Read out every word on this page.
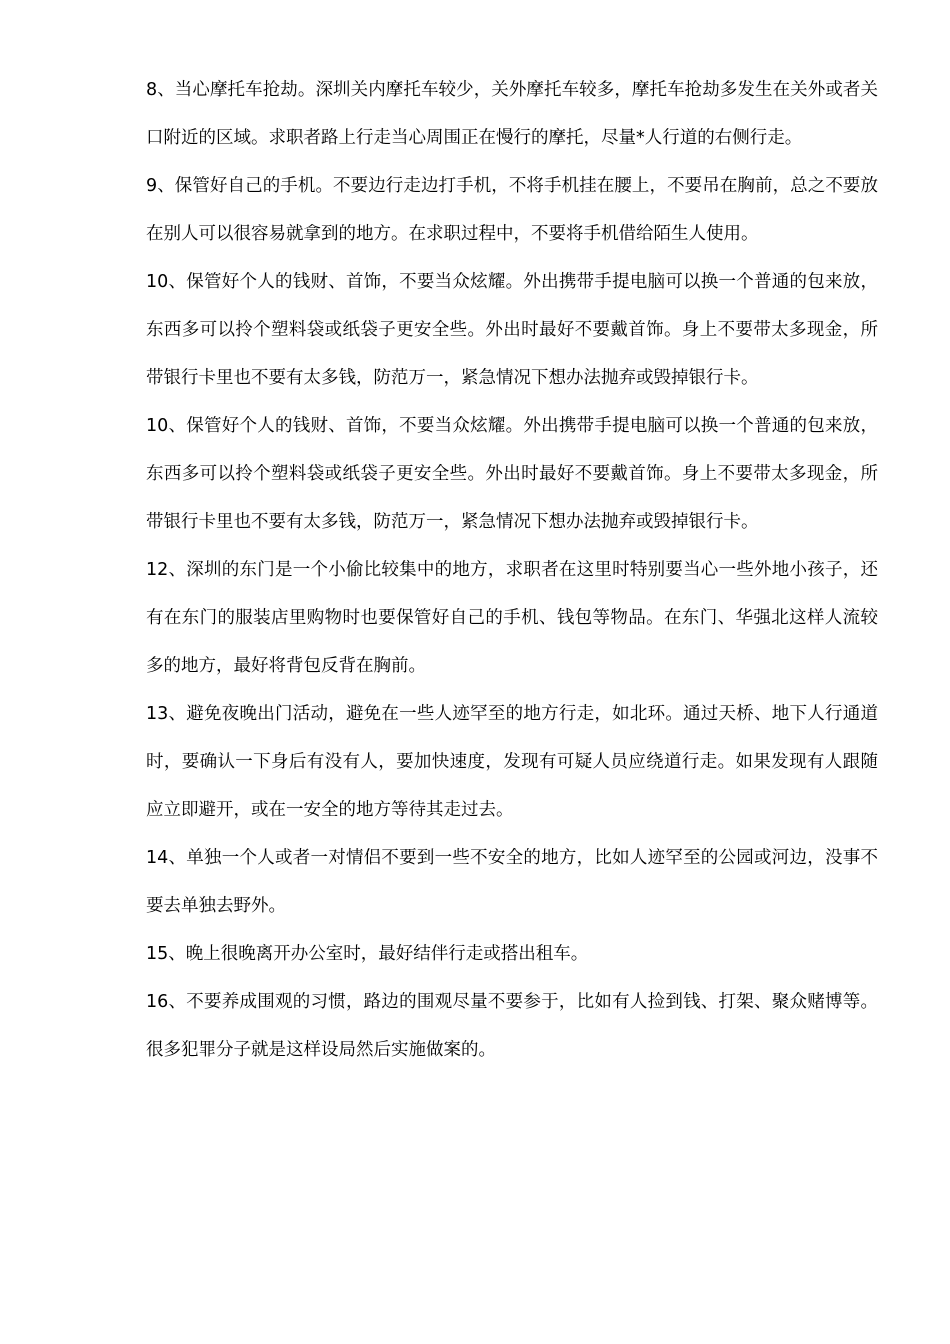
8、当心摩托车抢劫。深圳关内摩托车较少，关外摩托车较多，摩托车抢劫多发生在关外或者关口附近的区域。求职者路上行走当心周围正在慢行的摩托，尽量*人行道的右侧行走。

9、保管好自己的手机。不要边行走边打手机，不将手机挂在腰上，不要吊在胸前，总之不要放在别人可以很容易就拿到的地方。在求职过程中，不要将手机借给陌生人使用。

10、保管好个人的钱财、首饰，不要当众炫耀。外出携带手提电脑可以换一个普通的包来放，东西多可以拎个塑料袋或纸袋子更安全些。外出时最好不要戴首饰。身上不要带太多现金，所带银行卡里也不要有太多钱，防范万一，紧急情况下想办法抛弃或毁掉银行卡。

10、保管好个人的钱财、首饰，不要当众炫耀。外出携带手提电脑可以换一个普通的包来放，东西多可以拎个塑料袋或纸袋子更安全些。外出时最好不要戴首饰。身上不要带太多现金，所带银行卡里也不要有太多钱，防范万一，紧急情况下想办法抛弃或毁掉银行卡。

12、深圳的东门是一个小偷比较集中的地方，求职者在这里时特别要当心一些外地小孩子，还有在东门的服装店里购物时也要保管好自己的手机、钱包等物品。在东门、华强北这样人流较多的地方，最好将背包反背在胸前。

13、避免夜晚出门活动，避免在一些人迹罕至的地方行走，如北环。通过天桥、地下人行通道时，要确认一下身后有没有人，要加快速度，发现有可疑人员应绕道行走。如果发现有人跟随应立即避开，或在一安全的地方等待其走过去。

14、单独一个人或者一对情侣不要到一些不安全的地方，比如人迹罕至的公园或河边，没事不要去单独去野外。

15、晚上很晚离开办公室时，最好结伴行走或搭出租车。

16、不要养成围观的习惯，路边的围观尽量不要参于，比如有人捡到钱、打架、聚众赌博等。很多犯罪分子就是这样设局然后实施做案的。
